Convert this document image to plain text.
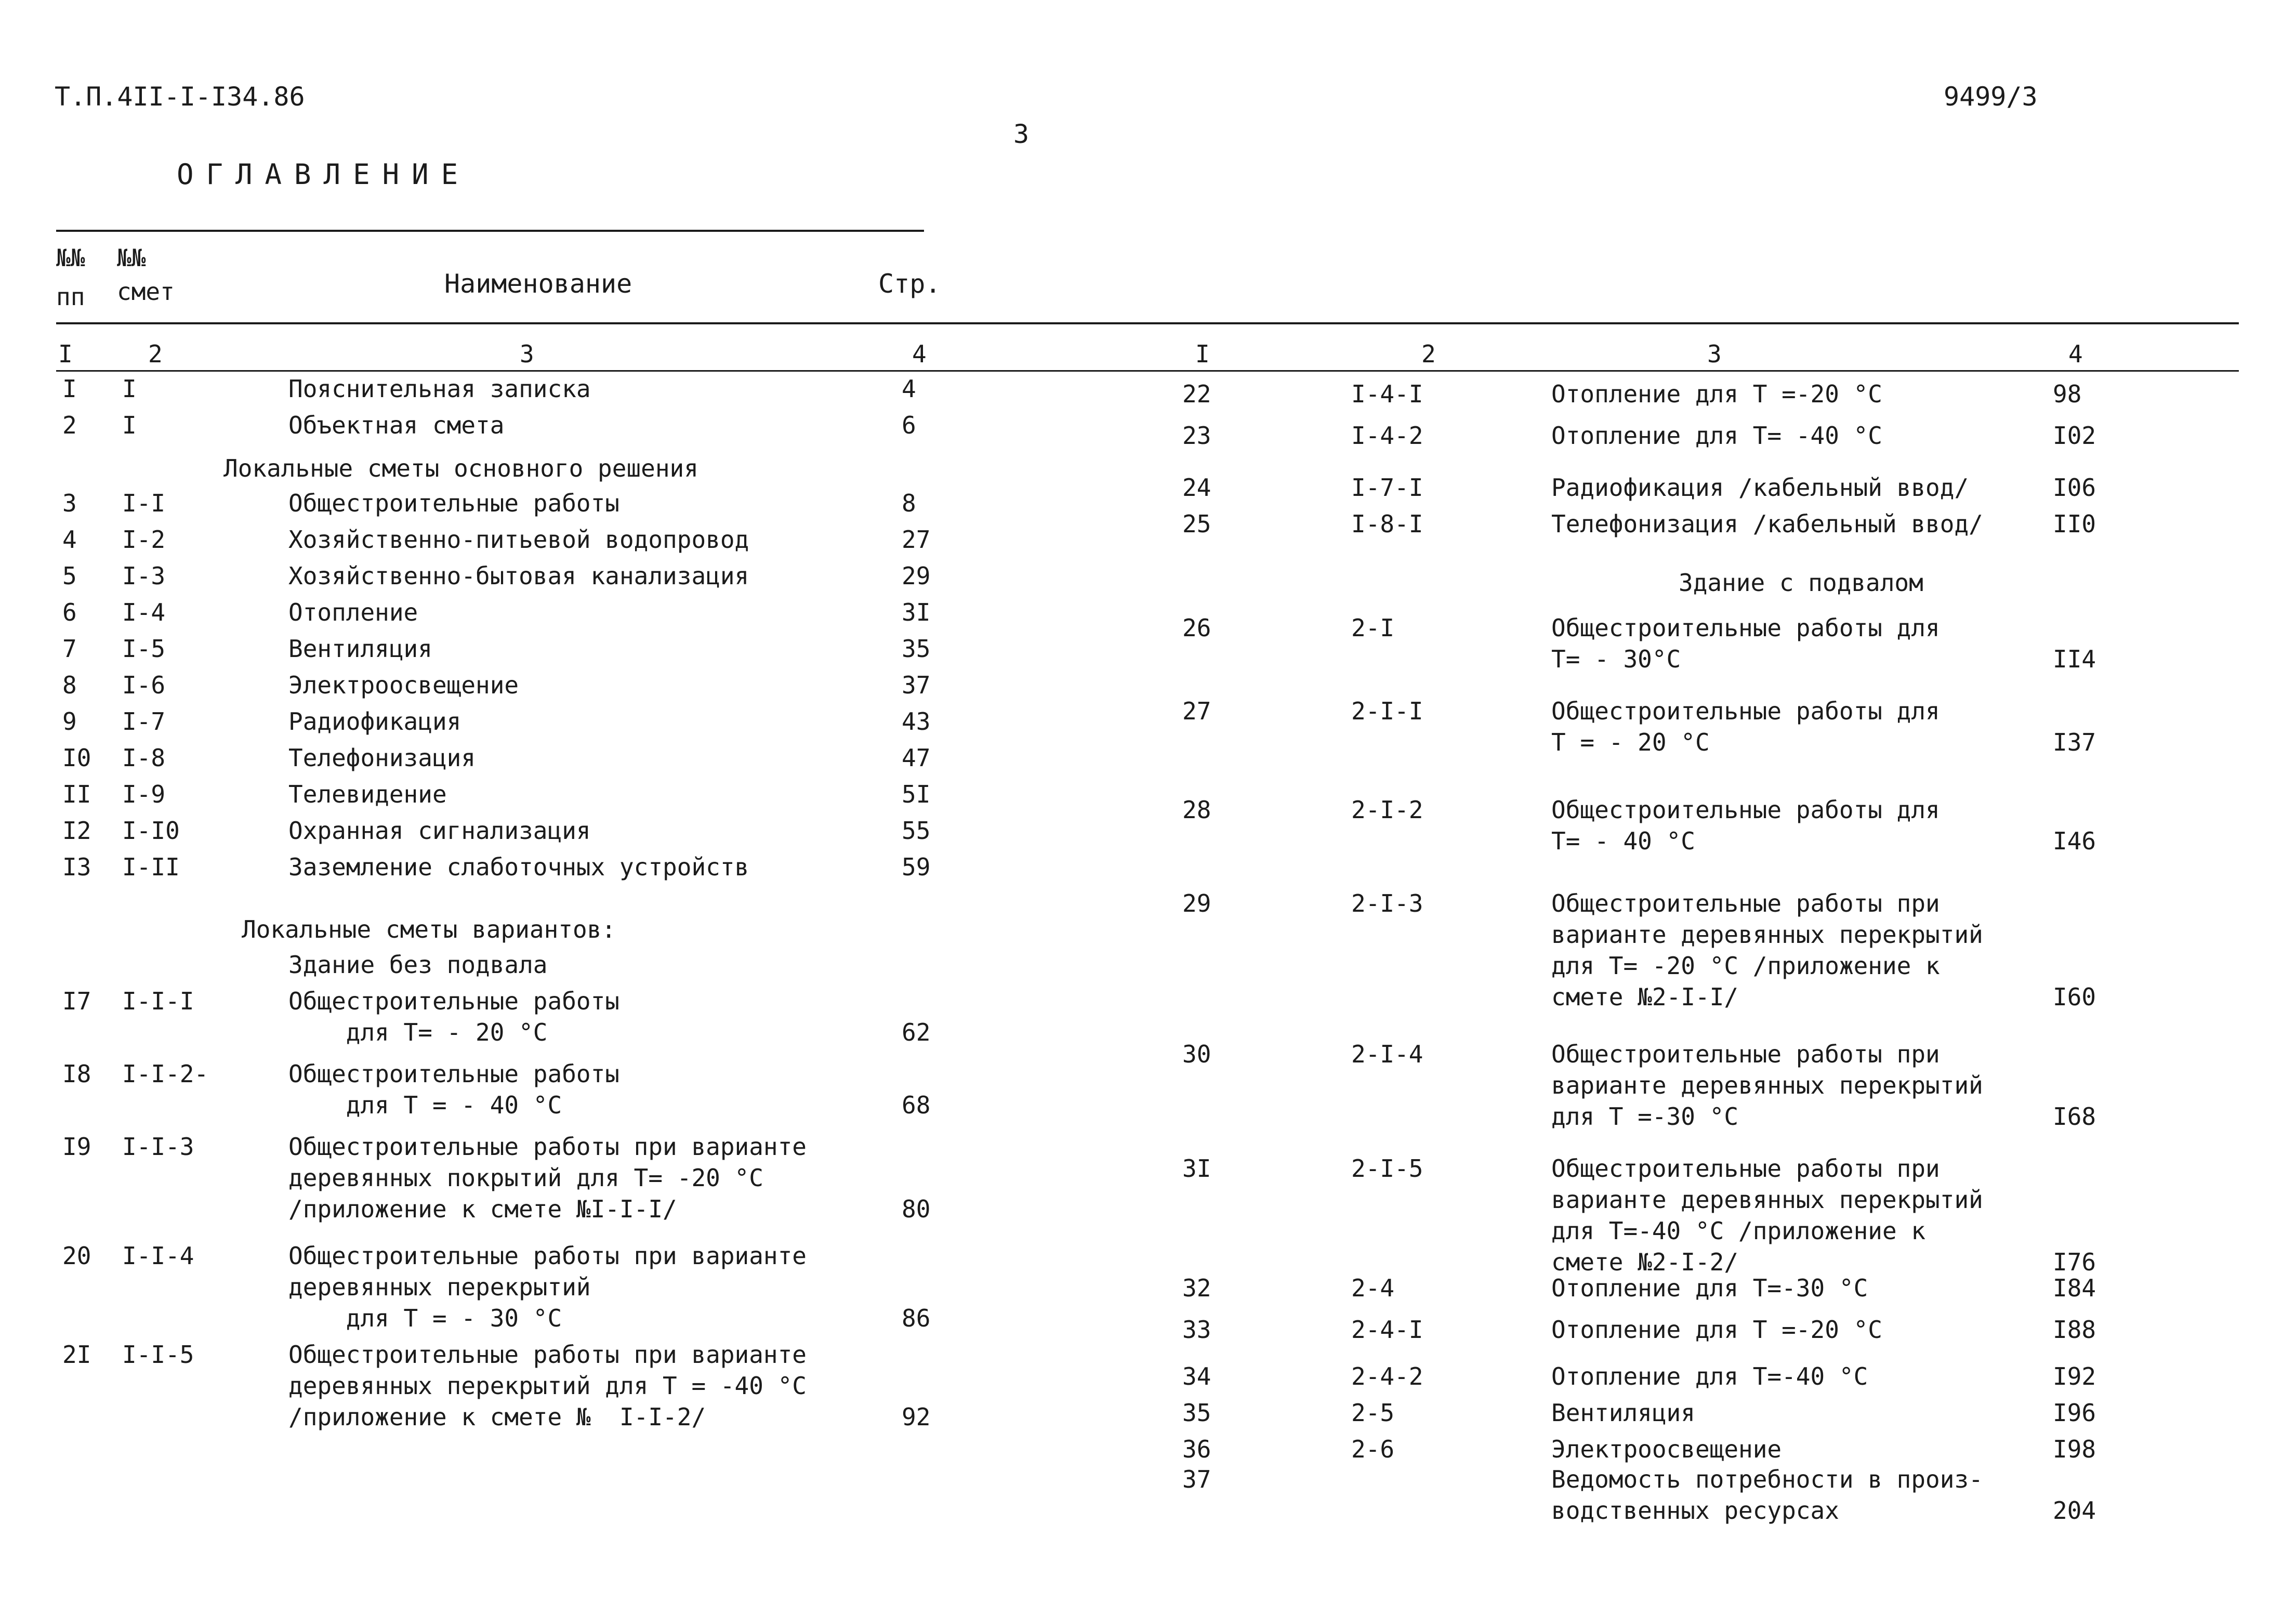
Т.П.4II-I-I34.86	9499/3
3
ОГЛАВЛЕНИЕ
№№
пп
№№
смет	Наименование	Стр.
I	2	3	4	I	2	3	4
Локальные сметы основного решения
Локальные сметы вариантов:
Здание без подвала
Здание с подвалом
I I	Пояснительная записка	4
2 I	Объектная смета	6
3 I-I	Общестроительные работы	8
4 I-2	Хозяйственно-питьевой водопровод	27
5 I-3	Хозяйственно-бытовая канализация	29
6 I-4	Отопление	3I
7 I-5	Вентиляция	35
8 I-6	Электроосвещение	37
9 I-7	Радиофикация	43
I0 I-8	Телефонизация	47
II I-9	Телевидение	5I
I2 I-I0	Охранная сигнализация	55
I3 I-II	Заземление слаботочных устройств	59
I7 I-I-I	Общестроительные работы
для Т= - 20 °С	62
I8 I-I-2-	Общестроительные работы
для Т = - 40 °С	68
I9 I-I-3	Общестроительные работы при варианте
деревянных покрытий для Т= -20 °С
/приложение к смете №I-I-I/	80
20 I-I-4	Общестроительные работы при варианте
деревянных перекрытий
для Т = - 30 °С	86
2I I-I-5	Общестроительные работы при варианте
деревянных перекрытий для Т = -40 °С
/приложение к смете №  I-I-2/	92
22	I-4-I	Отопление для Т =-20 °С	98
23	I-4-2	Отопление для Т= -40 °С	I02
24	I-7-I	Радиофикация /кабельный ввод/	I06
25	I-8-I	Телефонизация /кабельный ввод/	II0
26	2-I	Общестроительные работы для
Т= - 30°С	II4
27	2-I-I	Общестроительные работы для
Т = - 20 °С	I37
28	2-I-2	Общестроительные работы для
Т= - 40 °С	I46
29	2-I-3	Общестроительные работы при
варианте деревянных перекрытий
для Т= -20 °С /приложение к
смете №2-I-I/	I60
30	2-I-4	Общестроительные работы при
варианте деревянных перекрытий
для Т =-30 °С	I68
3I	2-I-5	Общестроительные работы при
варианте деревянных перекрытий
для Т=-40 °С /приложение к
смете №2-I-2/	I76
32	2-4	Отопление для Т=-30 °С	I84
33	2-4-I	Отопление для Т =-20 °С	I88
34	2-4-2	Отопление для Т=-40 °С	I92
35	2-5	Вентиляция	I96
36	2-6	Электроосвещение	I98
37	Ведомость потребности в произ-
водственных ресурсах	204
